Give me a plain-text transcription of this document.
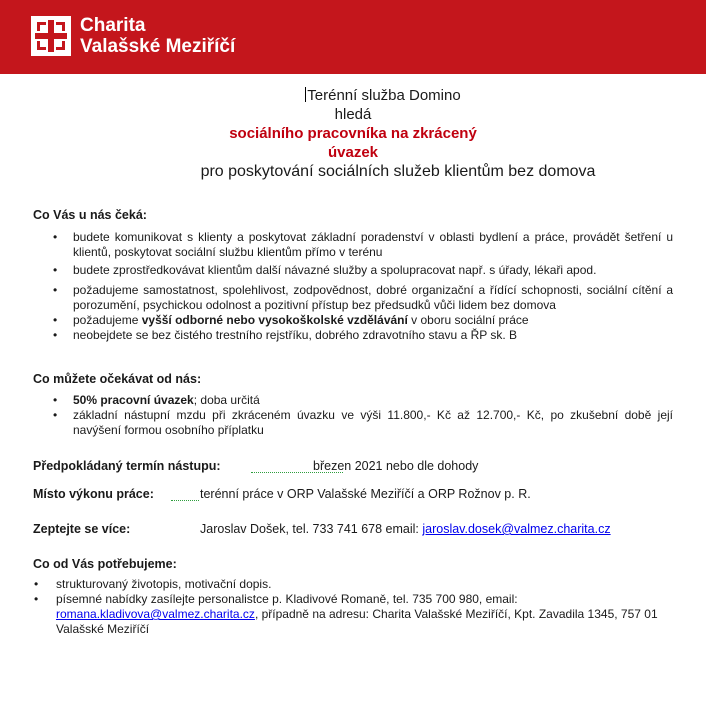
Charita
Valašské Meziříčí
Terénní služba Domino
hledá
sociálního pracovníka na zkrácený
úvazek
pro poskytování sociálních služeb klientům bez domova
Co Vás u nás čeká:
• budete komunikovat s klienty a poskytovat základní poradenství v oblasti bydlení a práce, provádět šetření u klientů, poskytovat sociální službu klientům přímo v terénu
• budete zprostředkovávat klientům další návazné služby a spolupracovat např. s úřady, lékaři apod.
• požadujeme samostatnost, spolehlivost, zodpovědnost, dobré organizační a řídící schopnosti, sociální cítění a porozumění, psychickou odolnost a pozitivní přístup bez předsudků vůči lidem bez domova
• požadujeme vyšší odborné nebo vysokoškolské vzdělávání v oboru sociální práce
• neobejdete se bez čistého trestního rejstříku, dobrého zdravotního stavu a ŘP sk. B
Co můžete očekávat od nás:
• 50% pracovní úvazek; doba určitá
• základní nástupní mzdu při zkráceném úvazku ve výši 11.800,- Kč až 12.700,- Kč, po zkušební době její navýšení formou osobního příplatku
Předpokládaný termín nástupu:	březen 2021 nebo dle dohody
Místo výkonu práce:	terénní práce v ORP Valašské Meziříčí a ORP Rožnov p. R.
Zeptejte se více:	Jaroslav Došek, tel. 733 741 678 email: jaroslav.dosek@valmez.charita.cz
Co od Vás potřebujeme:
• strukturovaný životopis, motivační dopis.
• písemné nabídky zasílejte personalistce p. Kladivové Romaně, tel. 735 700 980, email:
romana.kladivova@valmez.charita.cz, případně na adresu: Charita Valašské Meziříčí, Kpt. Zavadila 1345, 757 01 Valašské Meziříčí
